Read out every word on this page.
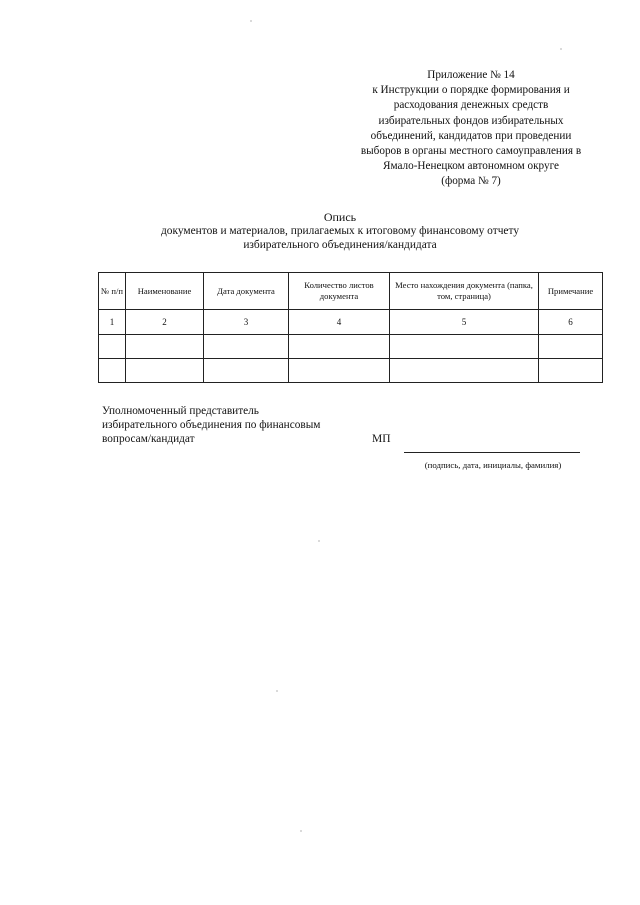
Приложение № 14
к Инструкции о порядке формирования и
расходования денежных средств
избирательных фондов избирательных
объединений, кандидатов при проведении
выборов в органы местного самоуправления в
Ямало-Ненецком автономном округе
(форма № 7)
Опись
документов и материалов, прилагаемых к итоговому финансовому отчету
избирательного объединения/кандидата
№ п/п	Наименование	Дата документа	Количество листов документа	Место нахождения документа (папка, том, страница)	Примечание
1	2	3	4	5	6

Уполномоченный представитель
избирательного объединения по финансовым
вопросам/кандидат	МП
(подпись, дата, инициалы, фамилия)
